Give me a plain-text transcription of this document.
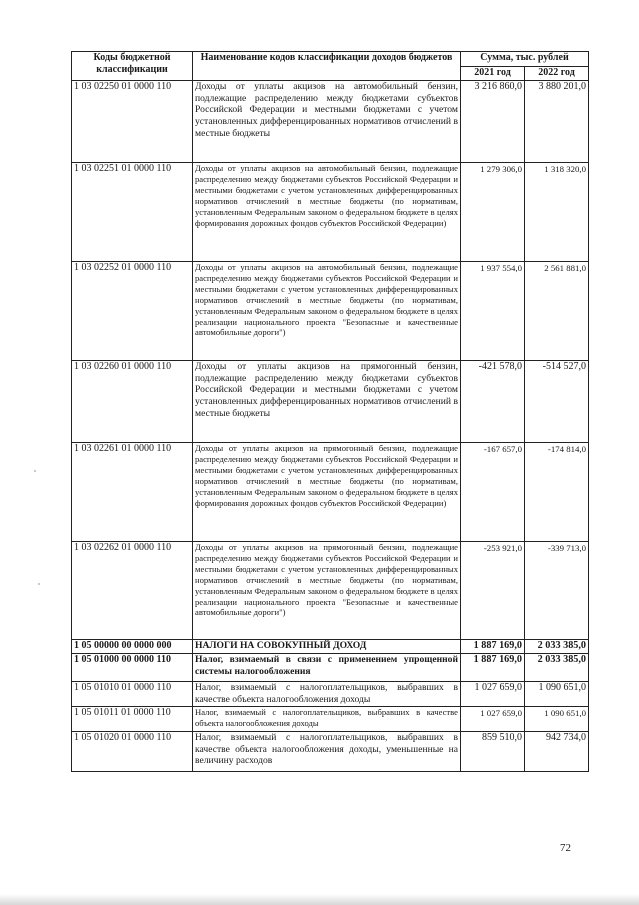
Коды бюджетной классификации	Наименование кодов классификации доходов бюджетов	Сумма, тыс. рублей	
		2021 год	2022 год
1 03 02250 01 0000 110	Доходы от уплаты акцизов на автомобильный бензин, подлежащие распределению между бюджетами субъектов Российской Федерации и местными бюджетами с учетом установленных дифференцированных нормативов отчислений в местные бюджеты	3 216 860,0	3 880 201,0
1 03 02251 01 0000 110	Доходы от уплаты акцизов на автомобильный бензин, подлежащие распределению между бюджетами субъектов Российской Федерации и местными бюджетами с учетом установленных дифференцированных нормативов отчислений в местные бюджеты (по нормативам, установленным Федеральным законом о федеральном бюджете в целях формирования дорожных фондов субъектов Российской Федерации)	1 279 306,0	1 318 320,0
1 03 02252 01 0000 110	Доходы от уплаты акцизов на автомобильный бензин, подлежащие распределению между бюджетами субъектов Российской Федерации и местными бюджетами с учетом установленных дифференцированных нормативов отчислений в местные бюджеты (по нормативам, установленным Федеральным законом о федеральном бюджете в целях реализации национального проекта "Безопасные и качественные автомобильные дороги")	1 937 554,0	2 561 881,0
1 03 02260 01 0000 110	Доходы от уплаты акцизов на прямогонный бензин, подлежащие распределению между бюджетами субъектов Российской Федерации и местными бюджетами с учетом установленных дифференцированных нормативов отчислений в местные бюджеты	-421 578,0	-514 527,0
1 03 02261 01 0000 110	Доходы от уплаты акцизов на прямогонный бензин, подлежащие распределению между бюджетами субъектов Российской Федерации и местными бюджетами с учетом установленных дифференцированных нормативов отчислений в местные бюджеты (по нормативам, установленным Федеральным законом о федеральном бюджете в целях формирования дорожных фондов субъектов Российской Федерации)	-167 657,0	-174 814,0
1 03 02262 01 0000 110	Доходы от уплаты акцизов на прямогонный бензин, подлежащие распределению между бюджетами субъектов Российской Федерации и местными бюджетами с учетом установленных дифференцированных нормативов отчислений в местные бюджеты (по нормативам, установленным Федеральным законом о федеральном бюджете в целях реализации национального проекта "Безопасные и качественные автомобильные дороги")	-253 921,0	-339 713,0
1 05 00000 00 0000 000	НАЛОГИ НА СОВОКУПНЫЙ ДОХОД	1 887 169,0	2 033 385,0
1 05 01000 00 0000 110	Налог, взимаемый в связи с применением упрощенной системы налогообложения	1 887 169,0	2 033 385,0
1 05 01010 01 0000 110	Налог, взимаемый с налогоплательщиков, выбравших в качестве объекта налогообложения доходы	1 027 659,0	1 090 651,0
1 05 01011 01 0000 110	Налог, взимаемый с налогоплательщиков, выбравших в качестве объекта налогообложения доходы	1 027 659,0	1 090 651,0
1 05 01020 01 0000 110	Налог, взимаемый с налогоплательщиков, выбравших в качестве объекта налогообложения доходы, уменьшенные на величину расходов	859 510,0	942 734,0
72
